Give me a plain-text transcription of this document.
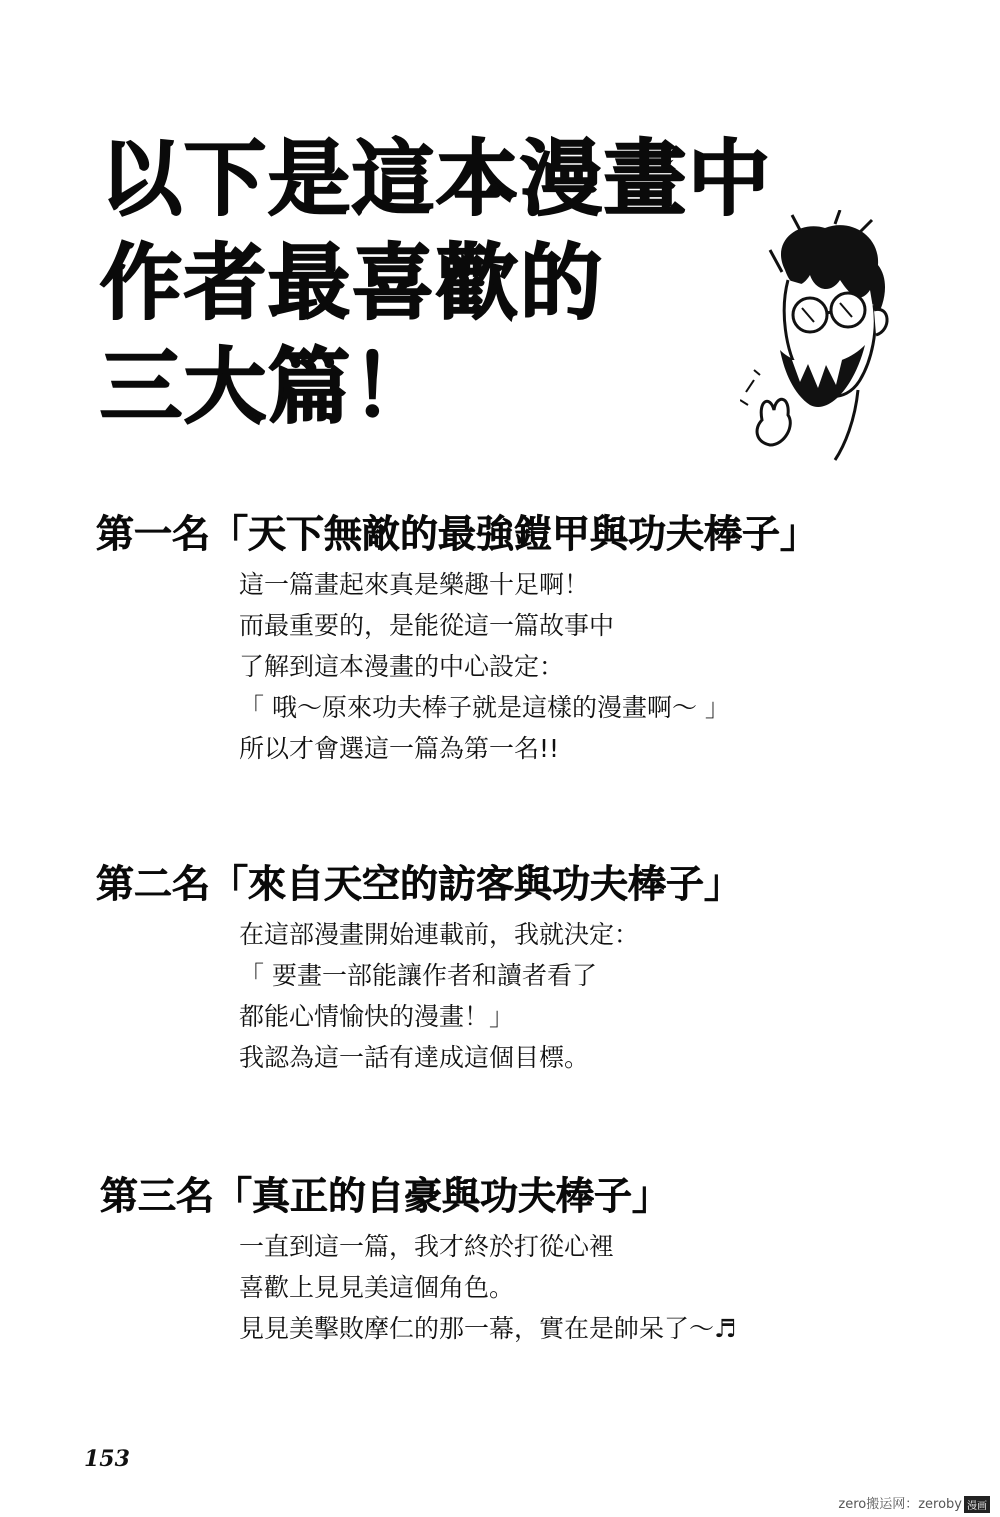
以下是這本漫畫中
作者最喜歡的
三大篇！
第一名「天下無敵的最強鎧甲與功夫棒子」
這一篇畫起來真是樂趣十足啊！
而最重要的，是能從這一篇故事中
了解到這本漫畫的中心設定：
「 哦～原來功夫棒子就是這樣的漫畫啊～ 」
所以才會選這一篇為第一名!!
第二名「來自天空的訪客與功夫棒子」
在這部漫畫開始連載前，我就決定：
「 要畫一部能讓作者和讀者看了
都能心情愉快的漫畫！」
我認為這一話有達成這個目標。
第三名「真正的自豪與功夫棒子」
一直到這一篇，我才終於打從心裡
喜歡上見見美這個角色。
見見美擊敗摩仁的那一幕，實在是帥呆了～♬
153
zero搬运网：zeroby 漫画
